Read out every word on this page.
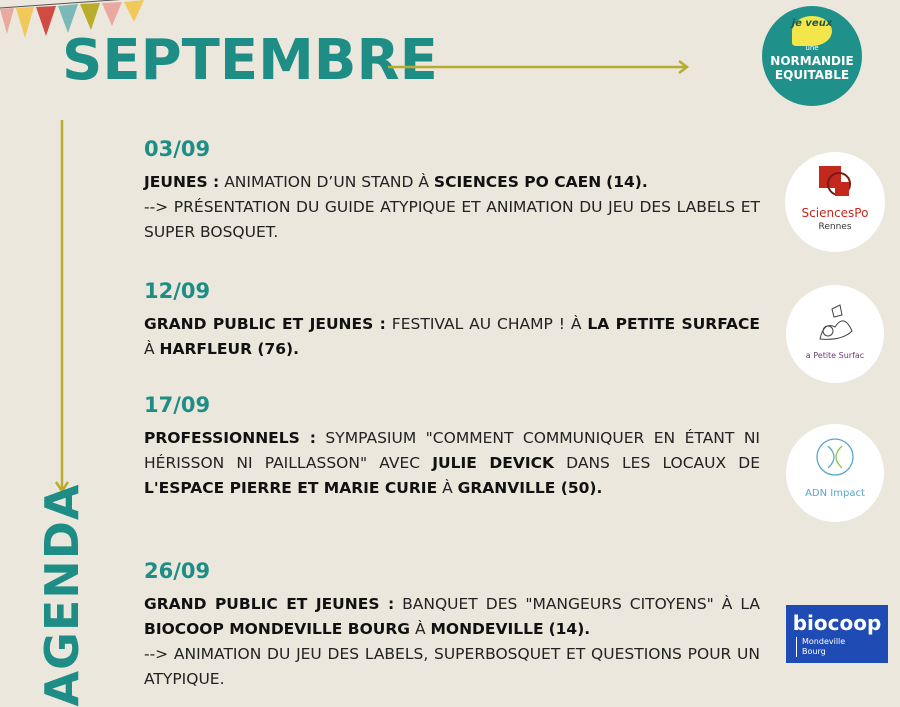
SEPTEMBRE
AGENDA
03/09

JEUNES : ANIMATION D’UN STAND À SCIENCES PO CAEN (14).

--> PRÉSENTATION DU GUIDE ATYPIQUE ET ANIMATION DU JEU DES LABELS ET SUPER BOSQUET.

12/09

GRAND PUBLIC ET JEUNES : FESTIVAL AU CHAMP ! À LA PETITE SURFACE À HARFLEUR (76).

17/09

PROFESSIONNELS : SYMPASIUM "COMMENT COMMUNIQUER EN ÉTANT NI HÉRISSON NI PAILLASSON" AVEC JULIE DEVICK DANS LES LOCAUX DE L'ESPACE PIERRE ET MARIE CURIE À GRANVILLE (50).

26/09

GRAND PUBLIC ET JEUNES : BANQUET DES "MANGEURS CITOYENS" À LA BIOCOOP MONDEVILLE BOURG À MONDEVILLE (14).

--> ANIMATION DU JEU DES LABELS, SUPERBOSQUET ET QUESTIONS POUR UN ATYPIQUE.

je veux
une
NORMANDIE
EQUITABLE
SciencesPo
Rennes
a Petite Surfac
ADN Impact
biocoop
Mondeville
Bourg
